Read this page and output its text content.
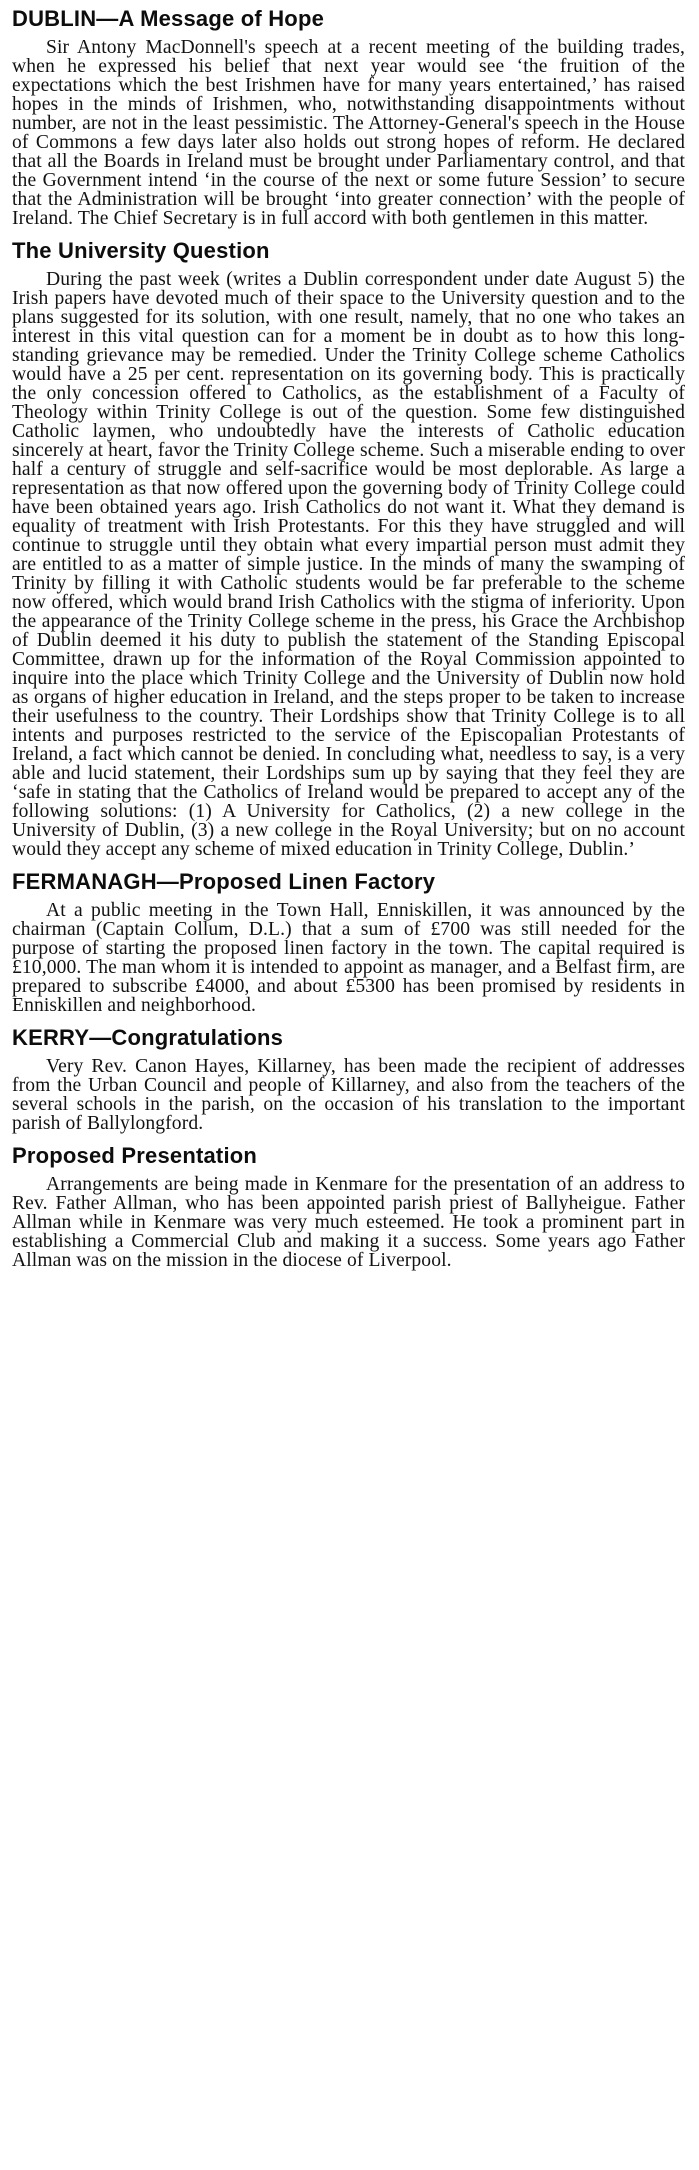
DUBLIN—A Message of Hope

Sir Antony MacDonnell's speech at a recent meeting of the building trades, when he expressed his belief that next year would see ‘the fruition of the expectations which the best Irishmen have for many years entertained,’ has raised hopes in the minds of Irishmen, who, notwithstanding disappointments without number, are not in the least pessimistic. The Attorney-General's speech in the House of Commons a few days later also holds out strong hopes of reform. He declared that all the Boards in Ireland must be brought under Parliamentary control, and that the Government intend ‘in the course of the next or some future Session’ to secure that the Administration will be brought ‘into greater connection’ with the people of Ireland. The Chief Secretary is in full accord with both gentlemen in this matter.

The University Question

During the past week (writes a Dublin correspondent under date August 5) the Irish papers have devoted much of their space to the University question and to the plans suggested for its solution, with one result, namely, that no one who takes an interest in this vital question can for a moment be in doubt as to how this long-standing grievance may be remedied. Under the Trinity College scheme Catholics would have a 25 per cent. representation on its governing body. This is practically the only concession offered to Catholics, as the establishment of a Faculty of Theology within Trinity College is out of the question. Some few distinguished Catholic laymen, who undoubtedly have the interests of Catholic education sincerely at heart, favor the Trinity College scheme. Such a miserable ending to over half a century of struggle and self-sacrifice would be most deplorable. As large a representation as that now offered upon the governing body of Trinity College could have been obtained years ago. Irish Catholics do not want it. What they demand is equality of treatment with Irish Protestants. For this they have struggled and will continue to struggle until they obtain what every impartial person must admit they are entitled to as a matter of simple justice. In the minds of many the swamping of Trinity by filling it with Catholic students would be far preferable to the scheme now offered, which would brand Irish Catholics with the stigma of inferiority. Upon the appearance of the Trinity College scheme in the press, his Grace the Archbishop of Dublin deemed it his duty to publish the statement of the Standing Episcopal Committee, drawn up for the information of the Royal Commission appointed to inquire into the place which Trinity College and the University of Dublin now hold as organs of higher education in Ireland, and the steps proper to be taken to increase their usefulness to the country. Their Lordships show that Trinity College is to all intents and purposes restricted to the service of the Episcopalian Protestants of Ireland, a fact which cannot be denied. In concluding what, needless to say, is a very able and lucid statement, their Lordships sum up by saying that they feel they are ‘safe in stating that the Catholics of Ireland would be prepared to accept any of the following solutions: (1) A University for Catholics, (2) a new college in the University of Dublin, (3) a new college in the Royal University; but on no account would they accept any scheme of mixed education in Trinity College, Dublin.’

FERMANAGH—Proposed Linen Factory

At a public meeting in the Town Hall, Enniskillen, it was announced by the chairman (Captain Collum, D.L.) that a sum of £700 was still needed for the purpose of starting the proposed linen factory in the town. The capital required is £10,000. The man whom it is intended to appoint as manager, and a Belfast firm, are prepared to subscribe £4000, and about £5300 has been promised by residents in Enniskillen and neighborhood.

KERRY—Congratulations

Very Rev. Canon Hayes, Killarney, has been made the recipient of addresses from the Urban Council and people of Killarney, and also from the teachers of the several schools in the parish, on the occasion of his translation to the important parish of Ballylongford.

Proposed Presentation

Arrangements are being made in Kenmare for the presentation of an address to Rev. Father Allman, who has been appointed parish priest of Ballyheigue. Father Allman while in Kenmare was very much esteemed. He took a prominent part in establishing a Commercial Club and making it a success. Some years ago Father Allman was on the mission in the diocese of Liverpool.
